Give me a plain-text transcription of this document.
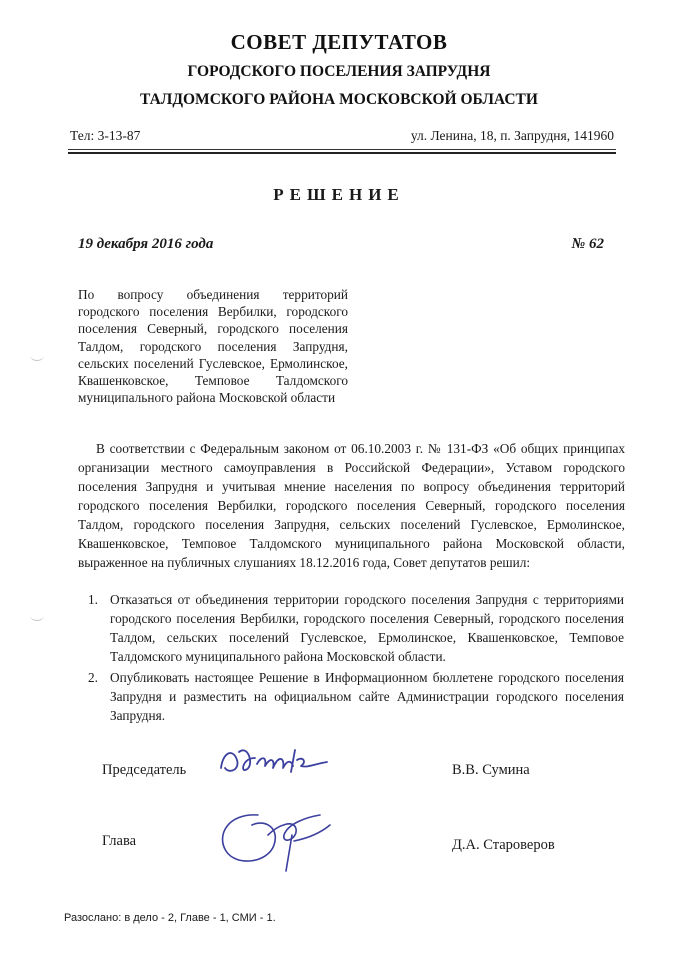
СОВЕТ ДЕПУТАТОВ
ГОРОДСКОГО ПОСЕЛЕНИЯ ЗАПРУДНЯ
ТАЛДОМСКОГО РАЙОНА МОСКОВСКОЙ ОБЛАСТИ
Тел: 3-13-87	ул. Ленина, 18, п. Запрудня, 141960
РЕШЕНИЕ
19 декабря 2016 года	№ 62
По вопросу объединения территорий городского поселения Вербилки, городского поселения Северный, городского поселения Талдом, городского поселения Запрудня, сельских поселений Гуслевское, Ермолинское, Квашенковское, Темповое Талдомского муниципального района Московской области
В соответствии с Федеральным законом от 06.10.2003 г. № 131-ФЗ «Об общих принципах организации местного самоуправления в Российской Федерации», Уставом городского поселения Запрудня и учитывая мнение населения по вопросу объединения территорий городского поселения Вербилки, городского поселения Северный, городского поселения Талдом, городского поселения Запрудня, сельских поселений Гуслевское, Ермолинское, Квашенковское, Темповое Талдомского муниципального района Московской области, выраженное на публичных слушаниях 18.12.2016 года, Совет депутатов решил:
1. Отказаться от объединения территории городского поселения Запрудня с территориями городского поселения Вербилки, городского поселения Северный, городского поселения Талдом, сельских поселений Гуслевское, Ермолинское, Квашенковское, Темповое Талдомского муниципального района Московской области.
2. Опубликовать настоящее Решение в Информационном бюллетене городского поселения Запрудня и разместить на официальном сайте Администрации городского поселения Запрудня.
Председатель	В.В. Сумина
Глава	Д.А. Староверов
Разослано: в дело - 2, Главе - 1, СМИ - 1.
